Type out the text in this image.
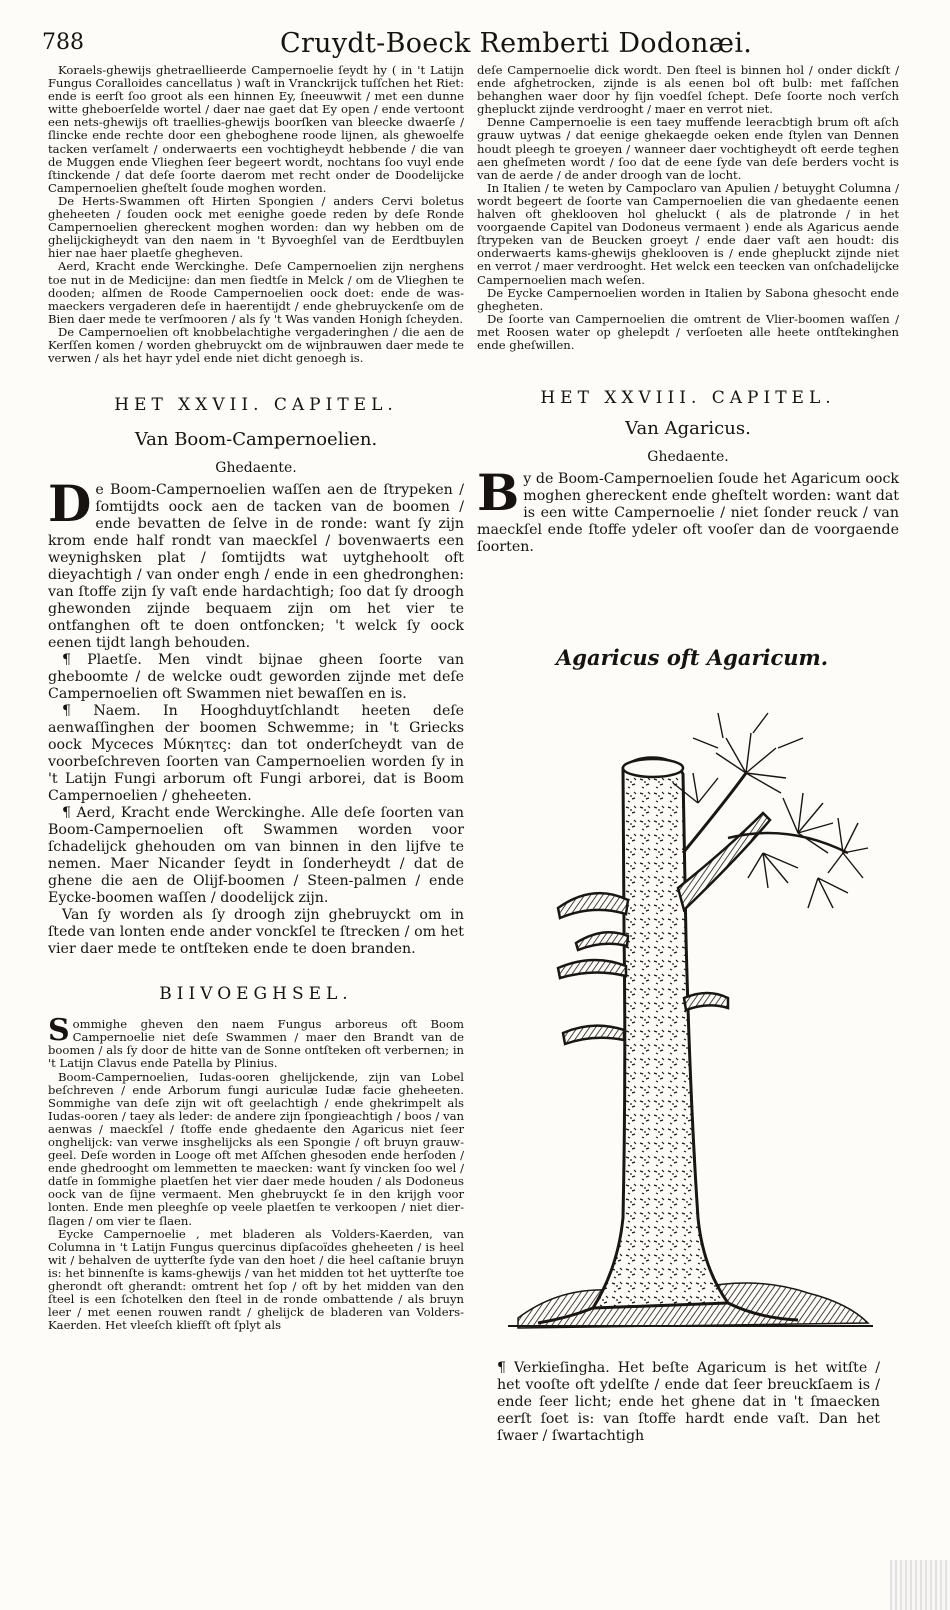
788	Cruydt-Boeck Remberti Dodonæi.

Koraels-ghewijs ghetraellieerde Campernoelie ſeydt hy ( in 't Latijn Fungus Coralloides cancellatus ) waſt in Vranckrijck tuſſchen het Riet: ende is eerſt ſoo groot als een hinnen Ey, ſneeuwwit / met een dunne witte gheboerſelde wortel / daer nae gaet dat Ey open / ende vertoont een nets-ghewijs oft traellies-ghewijs boorſken van bleecke dwaerſe / ſlincke ende rechte door een gheboghene roode lijnen, als ghewoelfe tacken verſamelt / onderwaerts een vochtigheydt hebbende / die van de Muggen ende Vlieghen ſeer begeert wordt, nochtans ſoo vuyl ende ſtinckende / dat deſe ſoorte daerom met recht onder de Doodelijcke Campernoelien gheſtelt ſoude moghen worden.

De Herts-Swammen oft Hirten Spongien / anders Cervi boletus gheheeten / ſouden oock met eenighe goede reden by deſe Ronde Campernoelien ghereckent moghen worden: dan wy hebben om de ghelijckigheydt van den naem in 't Byvoeghſel van de Eerdtbuylen hier nae haer plaetſe ghegheven.

Aerd, Kracht ende Werckinghe. Deſe Campernoelien zijn nerghens toe nut in de Medicijne: dan men ſiedtſe in Melck / om de Vlieghen te dooden; alſmen de Roode Campernoelien oock doet: ende de was-maeckers vergaderen deſe in haerentijdt / ende ghebruyckenſe om de Bien daer mede te verſmooren / als ſy 't Was vanden Honigh ſcheyden.

De Campernoelien oft knobbelachtighe vergaderinghen / die aen de Kerſſen komen / worden ghebruyckt om de wijnbrauwen daer mede te verwen / als het hayr ydel ende niet dicht genoegh is.

HET XXVII. CAPITEL.

Van Boom-Campernoelien.

Ghedaente.

De Boom-Campernoelien waſſen aen de ſtrypeken / ſomtijdts oock aen de tacken van de boomen / ende bevatten de ſelve in de ronde: want ſy zijn krom ende half rondt van maeckſel / bovenwaerts een weynighsken plat / ſomtijdts wat uytghehoolt oft dieyachtigh / van onder engh / ende in een ghedronghen: van ſtoffe zijn ſy vaſt ende hardachtigh; ſoo dat ſy droogh ghewonden zijnde bequaem zijn om het vier te ontfanghen oft te doen ontfoncken; 't welck ſy oock eenen tijdt langh behouden.

¶ Plaetſe. Men vindt bijnae gheen ſoorte van gheboomte / de welcke oudt geworden zijnde met deſe Campernoelien oft Swammen niet bewaſſen en is.

¶ Naem. In Hooghduytſchlandt heeten deſe aenwaſſinghen der boomen Schwemme; in 't Griecks oock Myceces Μύκητες: dan tot onderſcheydt van de voorbeſchreven ſoorten van Campernoelien worden ſy in 't Latijn Fungi arborum oft Fungi arborei, dat is Boom Campernoelien / gheheeten.

¶ Aerd, Kracht ende Werckinghe. Alle deſe ſoorten van Boom-Campernoelien oft Swammen worden voor ſchadelijck ghehouden om van binnen in den lijfve te nemen. Maer Nicander ſeydt in ſonderheydt / dat de ghene die aen de Olijf-boomen / Steen-palmen / ende Eycke-boomen waſſen / doodelijck zijn.

Van ſy worden als ſy droogh zijn ghebruyckt om in ſtede van lonten ende ander vonckſel te ſtrecken / om het vier daer mede te ontſteken ende te doen branden.

BIIVOEGHSEL.

Sommighe gheven den naem Fungus arboreus oft Boom Campernoelie niet deſe Swammen / maer den Brandt van de boomen / als ſy door de hitte van de Sonne ontſteken oft verbernen; in 't Latijn Clavus ende Patella by Plinius.

Boom-Campernoelien, Iudas-ooren ghelijckende, zijn van Lobel beſchreven / ende Arborum fungi auriculæ Iudæ facie gheheeten. Sommighe van deſe zijn wit oft geelachtigh / ende ghekrimpelt als Iudas-ooren / taey als leder: de andere zijn ſpongieachtigh / boos / van aenwas / maeckſel / ſtoffe ende ghedaente den Agaricus niet ſeer onghelijck: van verwe insghelijcks als een Spongie / oft bruyn grauw-geel. Deſe worden in Looge oft met Aſſchen ghesoden ende herſoden / ende ghedrooght om lemmetten te maecken: want ſy vincken ſoo wel / datſe in ſommighe plaetſen het vier daer mede houden / als Dodoneus oock van de ſijne vermaent. Men ghebruyckt ſe in den krijgh voor lonten. Ende men pleeghſe op veele plaetſen te verkoopen / niet dier-ſlagen / om vier te ſlaen.

Eycke Campernoelie , met bladeren als Volders-Kaerden, van Columna in 't Latijn Fungus quercinus dipſacoïdes gheheeten / is heel wit / behalven de uytterſte ſyde van den hoet / die heel caſtanie bruyn is: het binnenſte is kams-ghewijs / van het midden tot het uytterſte toe gherondt oft gherandt: omtrent het ſop / oft by het midden van den ſteel is een ſchotelken den ſteel in de ronde ombattende / als bruyn leer / met eenen rouwen randt / ghelijck de bladeren van Volders-Kaerden. Het vleeſch kliefſt oft ſplyt als

deſe Campernoelie dick wordt. Den ſteel is binnen hol / onder dickſt / ende afghetrocken, zijnde is als eenen bol oft bulb: met faſſchen behanghen waer door hy ſijn voedſel ſchept. Deſe ſoorte noch verſch ghepluckt zijnde verdrooght / maer en verrot niet.

Denne Campernoelie is een taey muffende leeracbtigh brum oft aſch grauw uytwas / dat eenige ghekaegde oeken ende ſtylen van Dennen houdt pleegh te groeyen / wanneer daer vochtigheydt oft eerde teghen aen gheſmeten wordt / ſoo dat de eene ſyde van deſe berders vocht is van de aerde / de ander droogh van de locht.

In Italien / te weten by Campoclaro van Apulien / betuyght Columna / wordt begeert de ſoorte van Campernoelien die van ghedaente eenen halven oft gheklooven hol gheluckt ( als de platronde / in het voorgaende Capitel van Dodoneus vermaent ) ende als Agaricus aende ſtrypeken van de Beucken groeyt / ende daer vaſt aen houdt: dis onderwaerts kams-ghewijs gheklooven is / ende ghepluckt zijnde niet en verrot / maer verdrooght. Het welck een teecken van onſchadelijcke Campernoelien mach weſen.

De Eycke Campernoelien worden in Italien by Sabona ghesocht ende ghegheten.

De ſoorte van Campernoelien die omtrent de Vlier-boomen waſſen / met Roosen water op ghelepdt / verſoeten alle heete ontſtekinghen ende gheſwillen.

HET XXVIII. CAPITEL.

Van Agaricus.

Ghedaente.

By de Boom-Campernoelien ſoude het Agaricum oock moghen ghereckent ende gheſtelt worden: want dat is een witte Campernoelie / niet ſonder reuck / van maeckſel ende ſtoffe ydeler oft vooſer dan de voorgaende ſoorten.

Agaricus oft Agaricum.

¶ Verkieſingha. Het beſte Agaricum is het witſte / het vooſte oft ydelſte / ende dat ſeer breuckſaem is / ende ſeer licht; ende het ghene dat in 't ſmaecken eerſt ſoet is: van ſtoffe hardt ende vaſt. Dan het ſwaer / ſwartachtigh
